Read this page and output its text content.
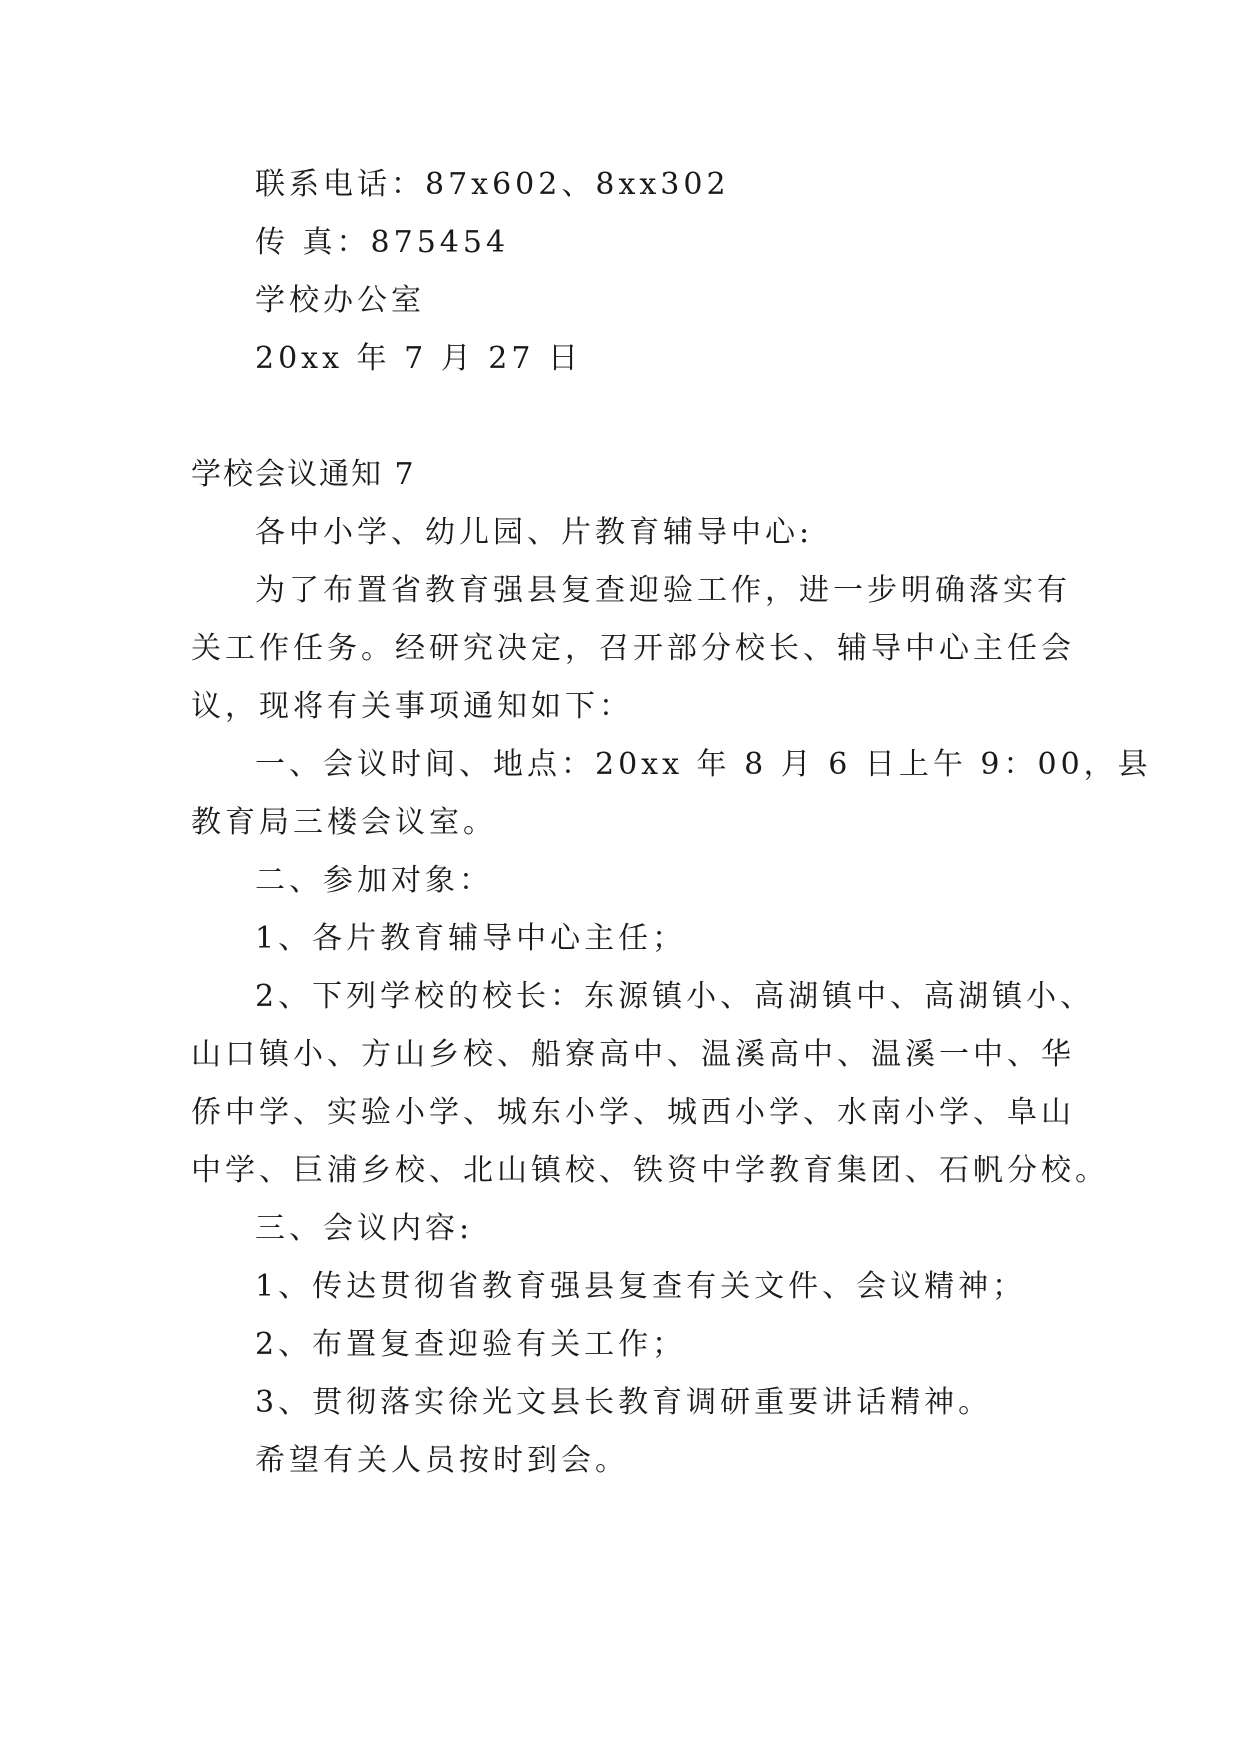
联系电话：87x602、8xx302
传 真：875454
学校办公室
20xx 年 7 月 27 日
学校会议通知 7
各中小学、幼儿园、片教育辅导中心:
为了布置省教育强县复查迎验工作，进一步明确落实有
关工作任务。经研究决定，召开部分校长、辅导中心主任会
议，现将有关事项通知如下：
一、会议时间、地点：20xx 年 8 月 6 日上午 9：00，县
教育局三楼会议室。
二、参加对象：
1、各片教育辅导中心主任；
2、下列学校的校长：东源镇小、高湖镇中、高湖镇小、
山口镇小、方山乡校、船寮高中、温溪高中、温溪一中、华
侨中学、实验小学、城东小学、城西小学、水南小学、阜山
中学、巨浦乡校、北山镇校、铁资中学教育集团、石帆分校。
三、会议内容:
1、传达贯彻省教育强县复查有关文件、会议精神；
2、布置复查迎验有关工作；
3、贯彻落实徐光文县长教育调研重要讲话精神。
希望有关人员按时到会。
